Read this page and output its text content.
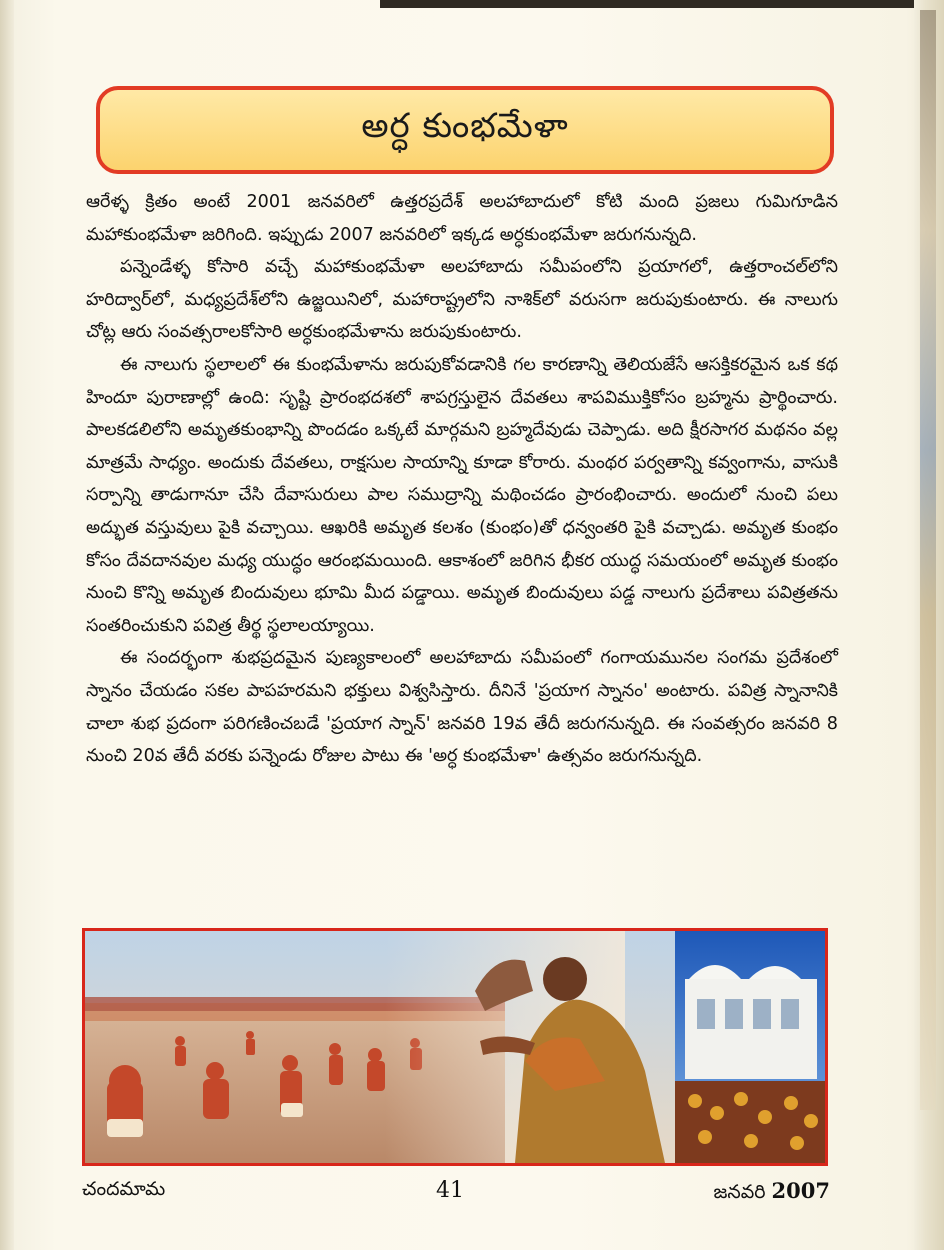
అర్ధ కుంభమేళా

ఆరేళ్ళ క్రితం అంటే 2001 జనవరిలో ఉత్తరప్రదేశ్ అలహాబాదులో కోటి మంది ప్రజలు గుమిగూడిన మహాకుంభమేళా జరిగింది. ఇప్పుడు 2007 జనవరిలో ఇక్కడ అర్ధకుంభమేళా జరుగనున్నది.

పన్నెండేళ్ళ కోసారి వచ్చే మహాకుంభమేళా అలహాబాదు సమీపంలోని ప్రయాగలో, ఉత్తరాంచల్‌లోని హరిద్వార్‌లో, మధ్యప్రదేశ్‌లోని ఉజ్జయినిలో, మహారాష్ట్రలోని నాశిక్‌లో వరుసగా జరుపుకుంటారు. ఈ నాలుగు చోట్ల ఆరు సంవత్సరాలకోసారి అర్ధకుంభమేళాను జరుపుకుంటారు.

ఈ నాలుగు స్థలాలలో ఈ కుంభమేళాను జరుపుకోవడానికి గల కారణాన్ని తెలియజేసే ఆసక్తికరమైన ఒక కథ హిందూ పురాణాల్లో ఉంది: సృష్టి ప్రారంభదశలో శాపగ్రస్తులైన దేవతలు శాపవిముక్తికోసం బ్రహ్మను ప్రార్థించారు. పాలకడలిలోని అమృతకుంభాన్ని పొందడం ఒక్కటే మార్గమని బ్రహ్మదేవుడు చెప్పాడు. అది క్షీరసాగర మథనం వల్ల మాత్రమే సాధ్యం. అందుకు దేవతలు, రాక్షసుల సాయాన్ని కూడా కోరారు. మంథర పర్వతాన్ని కవ్వంగాను, వాసుకి సర్పాన్ని తాడుగానూ చేసి దేవాసురులు పాల సముద్రాన్ని మథించడం ప్రారంభించారు. అందులో నుంచి పలు అద్భుత వస్తువులు పైకి వచ్చాయి. ఆఖరికి అమృత కలశం (కుంభం)తో ధన్వంతరి పైకి వచ్చాడు. అమృత కుంభం కోసం దేవదానవుల మధ్య యుద్ధం ఆరంభమయింది. ఆకాశంలో జరిగిన భీకర యుద్ధ సమయంలో అమృత కుంభం నుంచి కొన్ని అమృత బిందువులు భూమి మీద పడ్డాయి. అమృత బిందువులు పడ్డ నాలుగు ప్రదేశాలు పవిత్రతను సంతరించుకుని పవిత్ర తీర్థ స్థలాలయ్యాయి.

ఈ సందర్భంగా శుభప్రదమైన పుణ్యకాలంలో అలహాబాదు సమీపంలో గంగాయమునల సంగమ ప్రదేశంలో స్నానం చేయడం సకల పాపహరమని భక్తులు విశ్వసిస్తారు. దీనినే 'ప్రయాగ స్నానం' అంటారు. పవిత్ర స్నానానికి చాలా శుభ ప్రదంగా పరిగణించబడే 'ప్రయాగ స్నాన్' జనవరి 19వ తేదీ జరుగనున్నది. ఈ సంవత్సరం జనవరి 8 నుంచి 20వ తేదీ వరకు పన్నెండు రోజుల పాటు ఈ 'అర్ధ కుంభమేళా' ఉత్సవం జరుగనున్నది.

చందమామ	41	జనవరి 2007
